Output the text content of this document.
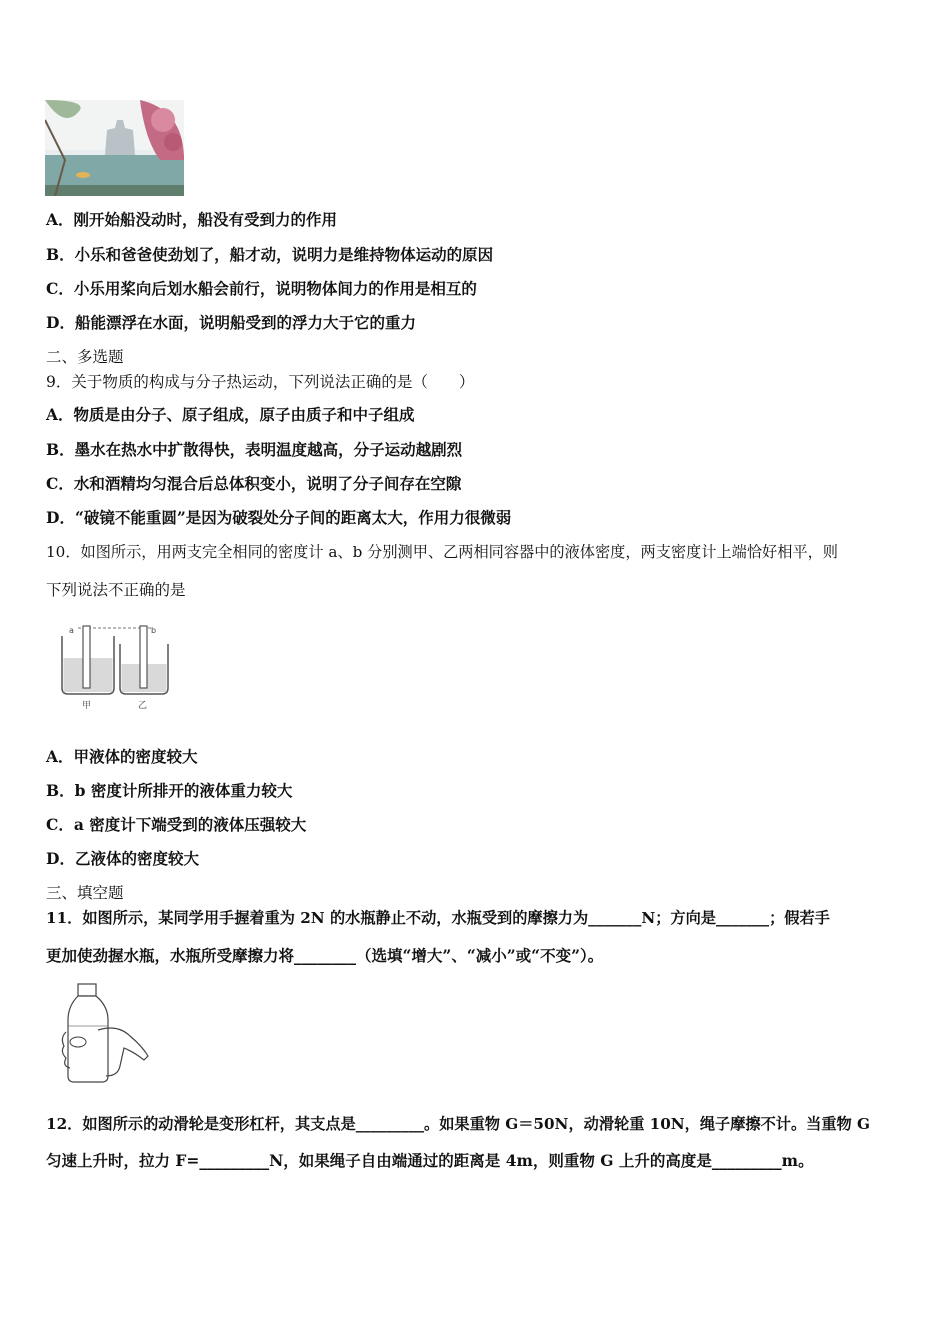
A．刚开始船没动时，船没有受到力的作用
B．小乐和爸爸使劲划了，船才动，说明力是维持物体运动的原因
C．小乐用桨向后划水船会前行，说明物体间力的作用是相互的
D．船能漂浮在水面，说明船受到的浮力大于它的重力
二、多选题
9．关于物质的构成与分子热运动，下列说法正确的是（　　）
A．物质是由分子、原子组成，原子由质子和中子组成
B．墨水在热水中扩散得快，表明温度越高，分子运动越剧烈
C．水和酒精均匀混合后总体积变小，说明了分子间存在空隙
D．“破镜不能重圆”是因为破裂处分子间的距离太大，作用力很微弱
10．如图所示，用两支完全相同的密度计 a、b 分别测甲、乙两相同容器中的液体密度，两支密度计上端恰好相平，则
下列说法不正确的是
a	b
甲	乙
A．甲液体的密度较大
B．b 密度计所排开的液体重力较大
C．a 密度计下端受到的液体压强较大
D．乙液体的密度较大
三、填空题
11．如图所示，某同学用手握着重为 2N 的水瓶静止不动，水瓶受到的摩擦力为_______N；方向是_______；假若手
更加使劲握水瓶，水瓶所受摩擦力将________（选填“增大”、“减小”或“不变”）。
12．如图所示的动滑轮是变形杠杆，其支点是_________。如果重物 G＝50N，动滑轮重 10N，绳子摩擦不计。当重物 G
匀速上升时，拉力 F=_________N，如果绳子自由端通过的距离是 4m，则重物 G 上升的高度是_________m。
